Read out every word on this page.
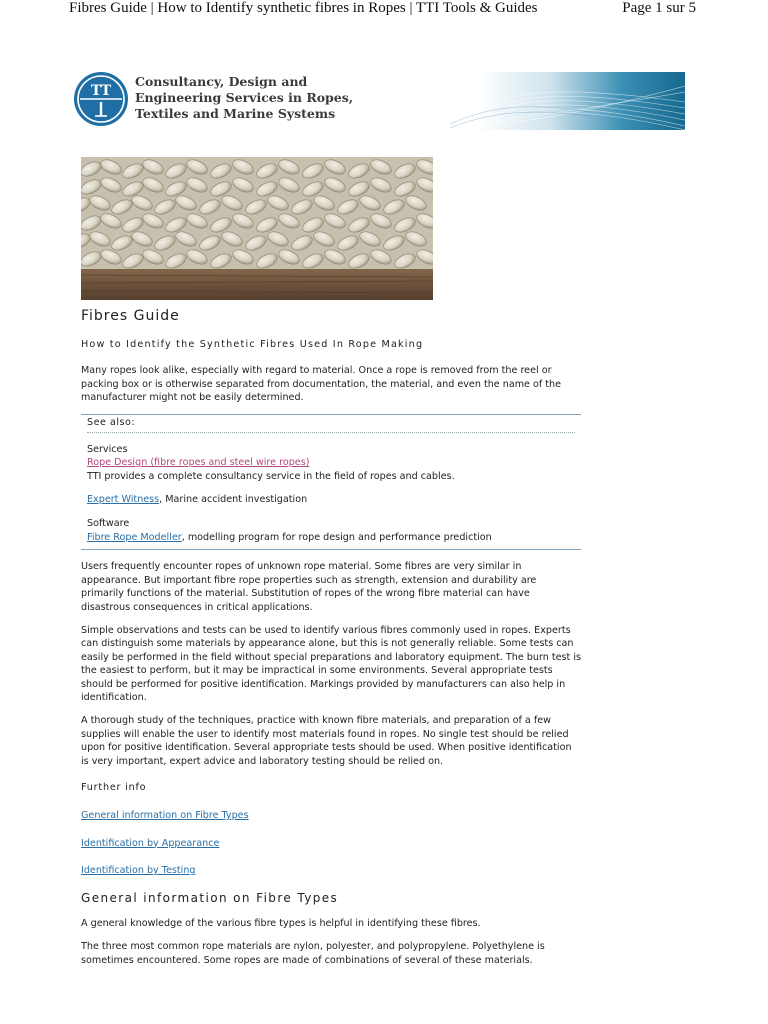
Fibres Guide | How to Identify synthetic fibres in Ropes | TTI Tools & Guides	Page 1 sur 5
TT
Consultancy, Design and
Engineering Services in Ropes,
Textiles and Marine Systems
Fibres Guide
How to Identify the Synthetic Fibres Used In Rope Making

Many ropes look alike, especially with regard to material. Once a rope is removed from the reel or packing box or is otherwise separated from documentation, the material, and even the name of the manufacturer might not be easily determined.

See also:
Services
Rope Design (fibre ropes and steel wire ropes)
TTI provides a complete consultancy service in the field of ropes and cables.
Expert Witness, Marine accident investigation
Software
Fibre Rope Modeller, modelling program for rope design and performance prediction

Users frequently encounter ropes of unknown rope material. Some fibres are very similar in appearance. But important fibre rope properties such as strength, extension and durability are primarily functions of the material. Substitution of ropes of the wrong fibre material can have disastrous consequences in critical applications.

Simple observations and tests can be used to identify various fibres commonly used in ropes. Experts can distinguish some materials by appearance alone, but this is not generally reliable. Some tests can easily be performed in the field without special preparations and laboratory equipment. The burn test is the easiest to perform, but it may be impractical in some environments. Several appropriate tests should be performed for positive identification. Markings provided by manufacturers can also help in identification.

A thorough study of the techniques, practice with known fibre materials, and preparation of a few supplies will enable the user to identify most materials found in ropes. No single test should be relied upon for positive identification. Several appropriate tests should be used. When positive identification is very important, expert advice and laboratory testing should be relied on.

Further info
General information on Fibre Types
Identification by Appearance
Identification by Testing
General information on Fibre Types

A general knowledge of the various fibre types is helpful in identifying these fibres.

The three most common rope materials are nylon, polyester, and polypropylene. Polyethylene is sometimes encountered. Some ropes are made of combinations of several of these materials.
